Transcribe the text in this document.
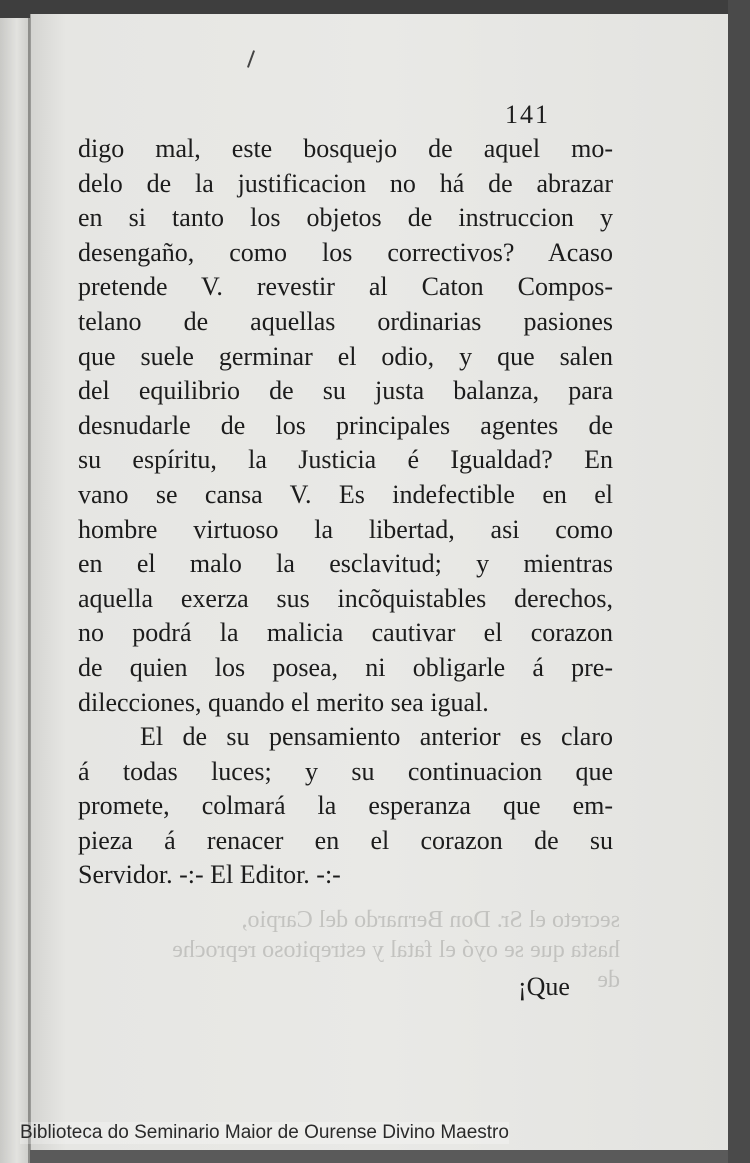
secreto el Sr. Don Bernardo del Carpio,
hasta que se oyó el fatal y estrepitoso reproche
de
141
digo mal, este bosquejo de aquel mo-
delo de la justificacion no há de abrazar
en si tanto los objetos de instruccion y
desengaño, como los correctivos? Acaso
pretende V. revestir al Caton Compos-
telano de aquellas ordinarias pasiones
que suele germinar el odio, y que salen
del equilibrio de su justa balanza, para
desnudarle de los principales agentes de
su espíritu, la Justicia é Igualdad? En
vano se cansa V. Es indefectible en el
hombre virtuoso la libertad, asi como
en el malo la esclavitud; y mientras
aquella exerza sus incõquistables derechos,
no podrá la malicia cautivar el corazon
de quien los posea, ni obligarle á pre-
dilecciones, quando el merito sea igual.
El de su pensamiento anterior es claro
á todas luces; y su continuacion que
promete, colmará la esperanza que em-
pieza á renacer en el corazon de su
Servidor. -:- El Editor. -:-
¡Que
Biblioteca do Seminario Maior de Ourense Divino Maestro
